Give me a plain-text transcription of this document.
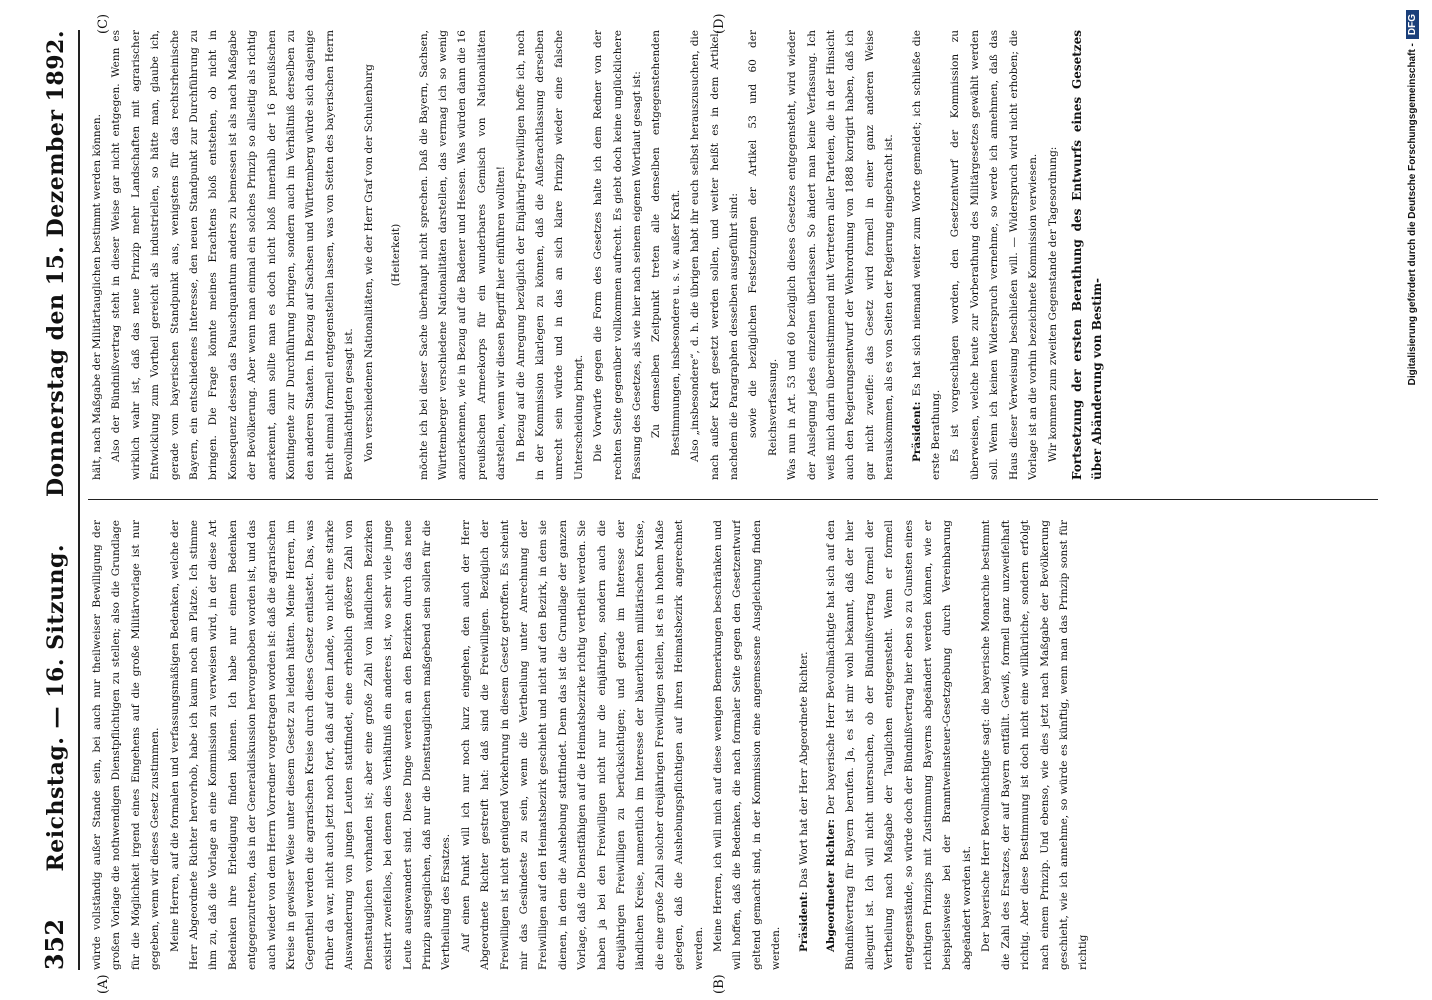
352
Reichstag. — 16. Sitzung.
Donnerstag den 15. Dezember 1892.
(A)	(B)
(C)	(D)

würde vollständig außer Stande sein, bei auch nur theilweiser Bewilligung der großen Vorlage die nothwendigen Dienstpflichtigen zu stellen; also die Grundlage für die Möglichkeit irgend eines Eingehens auf die große Militärvorlage ist nur gegeben, wenn wir dieses Gesetz zustimmen. Meine Herren, auf die formalen und verfassungsmäßigen Bedenken, welche der Herr Abgeordnete Richter hervorhob, habe ich kaum noch am Platze. Ich stimme ihm zu, daß die Vorlage an eine Kommission zu verweisen wird, in der diese Art Bedenken ihre Erledigung finden können. Ich habe nur einem Bedenken entgegenzutreten, das in der Generaldiskussion hervorgehoben worden ist, und das auch wieder von dem Herrn Vorredner vorgetragen worden ist: daß die agrarischen Kreise in gewisser Weise unter diesem Gesetz zu leiden hätten. Meine Herren, im Gegentheil werden die agrarischen Kreise durch dieses Gesetz entlastet. Das, was früher da war, nicht auch jetzt noch fort, daß auf dem Lande, wo nicht eine starke Auswanderung von jungen Leuten stattfindet, eine erheblich größere Zahl von Diensttauglichen vorhanden ist; aber eine große Zahl von ländlichen Bezirken existirt zweifellos, bei denen dies Verhältniß ein anderes ist, wo sehr viele junge Leute ausgewandert sind. Diese Dinge werden an den Bezirken durch das neue Prinzip ausgeglichen, daß nur die Diensttauglichen maßgebend sein sollen für die Vertheilung des Ersatzes. Auf einen Punkt will ich nur noch kurz eingehen, den auch der Herr Abgeordnete Richter gestreift hat: daß sind die Freiwilligen. Bezüglich der Freiwilligen ist nicht genügend Vorkehrung in diesem Gesetz getroffen. Es scheint mir das Gesündeste zu sein, wenn die Vertheilung unter Anrechnung der Freiwilligen auf den Heimatsbezirk geschieht und nicht auf den Bezirk, in dem sie dienen, in dem die Aushebung stattfindet. Denn das ist die Grundlage der ganzen Vorlage, daß die Dienstfähigen auf die Heimatsbezirke richtig vertheilt werden. Sie haben ja bei den Freiwilligen nicht nur die einjährigen, sondern auch die dreijährigen Freiwilligen zu berücksichtigen; und gerade im Interesse der ländlichen Kreise, namentlich im Interesse der bäuerlichen militärischen Kreise, die eine große Zahl solcher dreijährigen Freiwilligen stellen, ist es in hohem Maße gelegen, daß die Aushebungspflichtigen auf ihren Heimatsbezirk angerechnet werden. Meine Herren, ich will mich auf diese wenigen Bemerkungen beschränken und will hoffen, daß die Bedenken, die nach formaler Seite gegen den Gesetzentwurf geltend gemacht sind, in der Kommission eine angemessene Ausgleichung finden werden.	Präsident: Das Wort hat der Herr Abgeordnete Richter.	Abgeordneter Richter: Der bayerische Herr Bevollmächtigte hat sich auf den Bündnißvertrag für Bayern berufen. Ja, es ist mir wohl bekannt, daß der hier alleguirt ist. Ich will nicht untersuchen, ob der Bündnißvertrag formell der Vertheilung nach Maßgabe der Tauglichen entgegensteht. Wenn er formell entgegenstände, so würde doch der Bündnißvertrag hier eben so zu Gunsten eines richtigen Prinzips mit Zustimmung Bayerns abgeändert werden können, wie er beispielsweise bei der Branntweinsteuer-Gesetzgebung durch Vereinbarung abgeändert worden ist. Der bayerische Herr Bevollmächtigte sagt: die bayerische Monarchie bestimmt die Zahl des Ersatzes, der auf Bayern entfällt. Gewiß, formell ganz unzweifelhaft richtig. Aber diese Bestimmung ist doch nicht eine willkürliche, sondern erfolgt nach einem Prinzip. Und ebenso, wie dies jetzt nach Maßgabe der Bevölkerung geschieht, wie ich annehme, so würde es künftig, wenn man das Prinzip sonst für richtig

hält, nach Maßgabe der Militärtauglichen bestimmt werden können. Also der Bündnißvertrag steht in dieser Weise gar nicht entgegen. Wenn es wirklich wahr ist, daß das neue Prinzip mehr Landschaften mit agrarischer Entwicklung zum Vortheil gereicht als industriellen, so hätte man, glaube ich, gerade vom bayerischen Standpunkt aus, wenigstens für das rechtsrheinische Bayern, ein entschiedenes Interesse, den neuen Standpunkt zur Durchführung zu bringen. Die Frage könnte meines Erachtens bloß entstehen, ob nicht in Konsequenz dessen das Pauschquantum anders zu bemessen ist als nach Maßgabe der Bevölkerung. Aber wenn man einmal ein solches Prinzip so allseitig als richtig anerkennt, dann sollte man es doch nicht bloß innerhalb der 16 preußischen Kontingente zur Durchführung bringen, sondern auch im Verhältniß derselben zu den anderen Staaten. In Bezug auf Sachsen und Württemberg würde sich dasjenige nicht einmal formell entgegenstellen lassen, was von Seiten des bayerischen Herrn Bevollmächtigten gesagt ist. Von verschiedenen Nationalitäten, wie der Herr Graf von der Schulenburg	(Heiterkeit)	möchte ich bei dieser Sache überhaupt nicht sprechen. Daß die Bayern, Sachsen, Württemberger verschiedene Nationalitäten darstellen, das vermag ich so wenig anzuerkennen, wie in Bezug auf die Badener und Hessen. Was würden dann die 16 preußischen Armeekorps für ein wunderbares Gemisch von Nationalitäten darstellen, wenn wir diesen Begriff hier einführen wollten! In Bezug auf die Anregung bezüglich der Einjährig-Freiwilligen hoffe ich, noch in der Kommission klarlegen zu können, daß die Außerachtlassung derselben unrecht sein würde und in das an sich klare Prinzip wieder eine falsche Unterscheidung bringt. Die Vorwürfe gegen die Form des Gesetzes halte ich dem Redner von der rechten Seite gegenüber vollkommen aufrecht. Es giebt doch keine unglücklichere Fassung des Gesetzes, als wie hier nach seinem eigenen Wortlaut gesagt ist: Zu demselben Zeitpunkt treten alle denselben entgegenstehenden Bestimmungen, insbesondere u. s. w. außer Kraft. Also „insbesondere“, d. h. die übrigen habt ihr euch selbst herauszusuchen, die nach außer Kraft gesetzt werden sollen, und weiter heißt es in dem Artikel, nachdem die Paragraphen desselben ausgeführt sind: sowie die bezüglichen Festsetzungen der Artikel 53 und 60 der Reichsverfassung. Was nun in Art. 53 und 60 bezüglich dieses Gesetzes entgegensteht, wird wieder der Auslegung jedes einzelnen überlassen. So ändert man keine Verfassung. Ich weiß mich darin übereinstimmend mit Vertretern aller Parteien, die in der Hinsicht auch den Regierungsentwurf der Wehrordnung von 1888 korrigirt haben, daß ich gar nicht zweifle: das Gesetz wird formell in einer ganz anderen Weise herauskommen, als es von Seiten der Regierung eingebracht ist.	Präsident: Es hat sich niemand weiter zum Worte gemeldet; ich schließe die erste Berathung. Es ist vorgeschlagen worden, den Gesetzentwurf der Kommission zu überweisen, welche heute zur Vorberathung des Militärgesetzes gewählt werden soll. Wenn ich keinen Widerspruch vernehme, so werde ich annehmen, daß das Haus dieser Verweisung beschließen will. — Widerspruch wird nicht erhoben; die Vorlage ist an die vorhin bezeichnete Kommission verwiesen. Wir kommen zum zweiten Gegenstande der Tagesordnung: Fortsetzung der ersten Berathung des Entwurfs eines Gesetzes über Abänderung von Bestim-	Digitalisierung gefördert durch die Deutsche Forschungsgemeinschaft -DFG
